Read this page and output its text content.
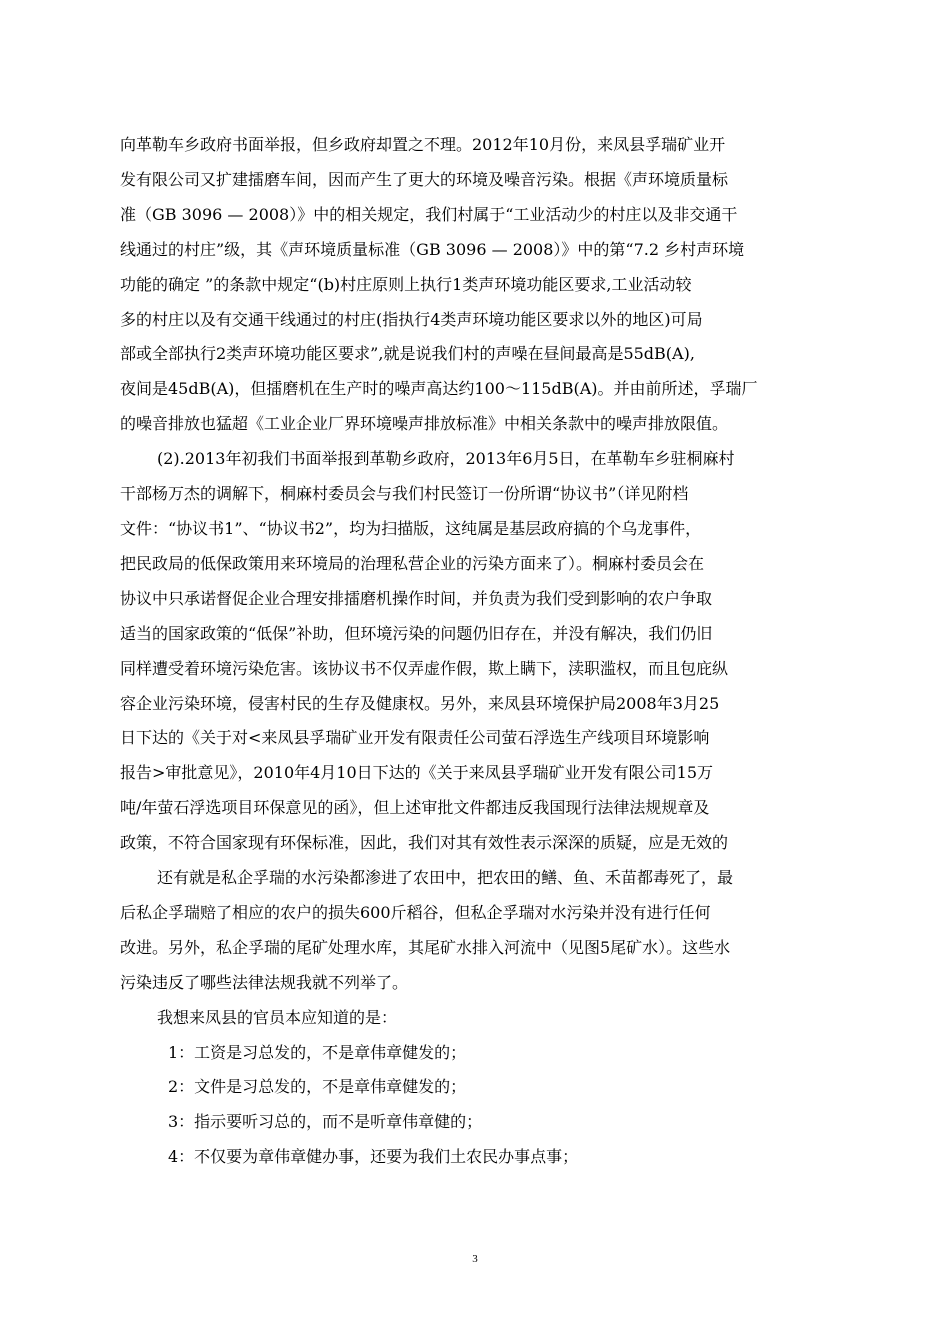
向革勒车乡政府书面举报，但乡政府却置之不理。2012年10月份，来凤县孚瑞矿业开
发有限公司又扩建擂磨车间，因而产生了更大的环境及噪音污染。根据《声环境质量标
准（GB 3096 — 2008）》中的相关规定，我们村属于“工业活动少的村庄以及非交通干
线通过的村庄”级，其《声环境质量标准（GB 3096 — 2008）》中的第“7.2 乡村声环境
功能的确定 ”的条款中规定“(b)村庄原则上执行1类声环境功能区要求,工业活动较
多的村庄以及有交通干线通过的村庄(指执行4类声环境功能区要求以外的地区)可局
部或全部执行2类声环境功能区要求”,就是说我们村的声噪在昼间最高是55dB(A),
夜间是45dB(A)，但擂磨机在生产时的噪声高达约100～115dB(A)。并由前所述，孚瑞厂
的噪音排放也猛超《工业企业厂界环境噪声排放标准》中相关条款中的噪声排放限值。

(2).2013年初我们书面举报到革勒乡政府，2013年6月5日，在革勒车乡驻桐麻村
干部杨万杰的调解下，桐麻村委员会与我们村民签订一份所谓“协议书”（详见附档
文件：“协议书1”、“协议书2”，均为扫描版，这纯属是基层政府搞的个乌龙事件，
把民政局的低保政策用来环境局的治理私营企业的污染方面来了）。桐麻村委员会在
协议中只承诺督促企业合理安排擂磨机操作时间，并负责为我们受到影响的农户争取
适当的国家政策的“低保”补助，但环境污染的问题仍旧存在，并没有解决，我们仍旧
同样遭受着环境污染危害。该协议书不仅弄虚作假，欺上瞒下，渎职滥权，而且包庇纵
容企业污染环境，侵害村民的生存及健康权。另外，来凤县环境保护局2008年3月25
日下达的《关于对<来凤县孚瑞矿业开发有限责任公司萤石浮选生产线项目环境影响
报告>审批意见》，2010年4月10日下达的《关于来凤县孚瑞矿业开发有限公司15万
吨/年萤石浮选项目环保意见的函》，但上述审批文件都违反我国现行法律法规规章及
政策，不符合国家现有环保标准，因此，我们对其有效性表示深深的质疑，应是无效的

还有就是私企孚瑞的水污染都渗进了农田中，把农田的鳝、鱼、禾苗都毒死了，最
后私企孚瑞赔了相应的农户的损失600斤稻谷，但私企孚瑞对水污染并没有进行任何
改进。另外，私企孚瑞的尾矿处理水库，其尾矿水排入河流中（见图5尾矿水）。这些水
污染违反了哪些法律法规我就不列举了。

我想来凤县的官员本应知道的是：

1：工资是习总发的，不是章伟章健发的；

2：文件是习总发的，不是章伟章健发的；

3：指示要听习总的，而不是听章伟章健的；

4：不仅要为章伟章健办事，还要为我们土农民办事点事；

3
